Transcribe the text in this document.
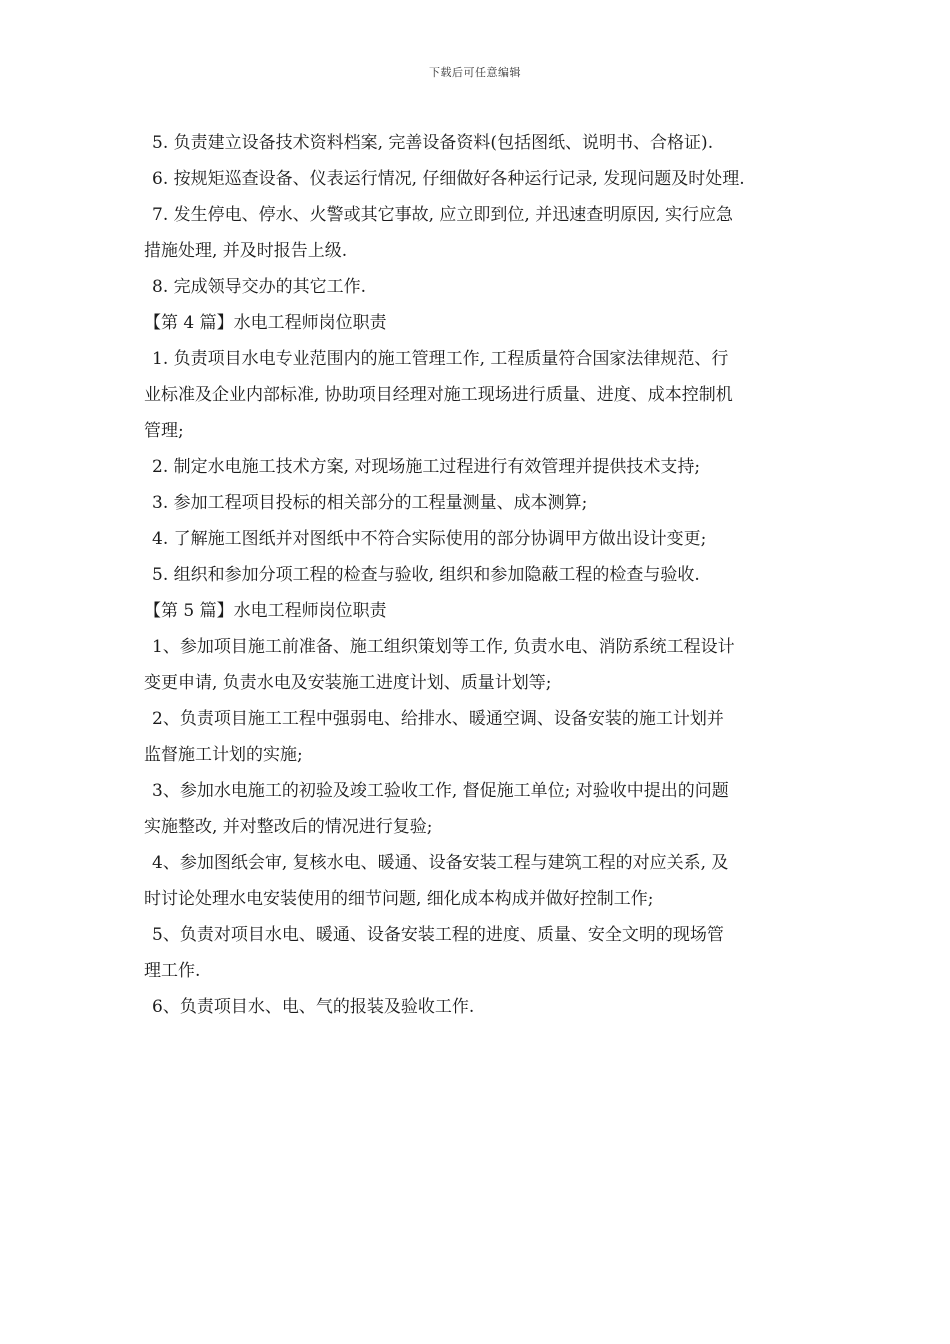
下载后可任意编辑
5. 负责建立设备技术资料档案, 完善设备资料(包括图纸、说明书、合格证).
6. 按规矩巡查设备、仪表运行情况, 仔细做好各种运行记录, 发现问题及时处理.
7. 发生停电、停水、火警或其它事故, 应立即到位, 并迅速查明原因, 实行应急
措施处理, 并及时报告上级.
8. 完成领导交办的其它工作.
【第 4 篇】水电工程师岗位职责
1. 负责项目水电专业范围内的施工管理工作, 工程质量符合国家法律规范、行
业标准及企业内部标准, 协助项目经理对施工现场进行质量、进度、成本控制机
管理;
2. 制定水电施工技术方案, 对现场施工过程进行有效管理并提供技术支持;
3. 参加工程项目投标的相关部分的工程量测量、成本测算;
4. 了解施工图纸并对图纸中不符合实际使用的部分协调甲方做出设计变更;
5. 组织和参加分项工程的检查与验收, 组织和参加隐蔽工程的检查与验收.
【第 5 篇】水电工程师岗位职责
1、参加项目施工前准备、施工组织策划等工作, 负责水电、消防系统工程设计
变更申请, 负责水电及安装施工进度计划、质量计划等;
2、负责项目施工工程中强弱电、给排水、暖通空调、设备安装的施工计划并
监督施工计划的实施;
3、参加水电施工的初验及竣工验收工作, 督促施工单位; 对验收中提出的问题
实施整改, 并对整改后的情况进行复验;
4、参加图纸会审, 复核水电、暖通、设备安装工程与建筑工程的对应关系, 及
时讨论处理水电安装使用的细节问题, 细化成本构成并做好控制工作;
5、负责对项目水电、暖通、设备安装工程的进度、质量、安全文明的现场管
理工作.
6、负责项目水、电、气的报装及验收工作.
